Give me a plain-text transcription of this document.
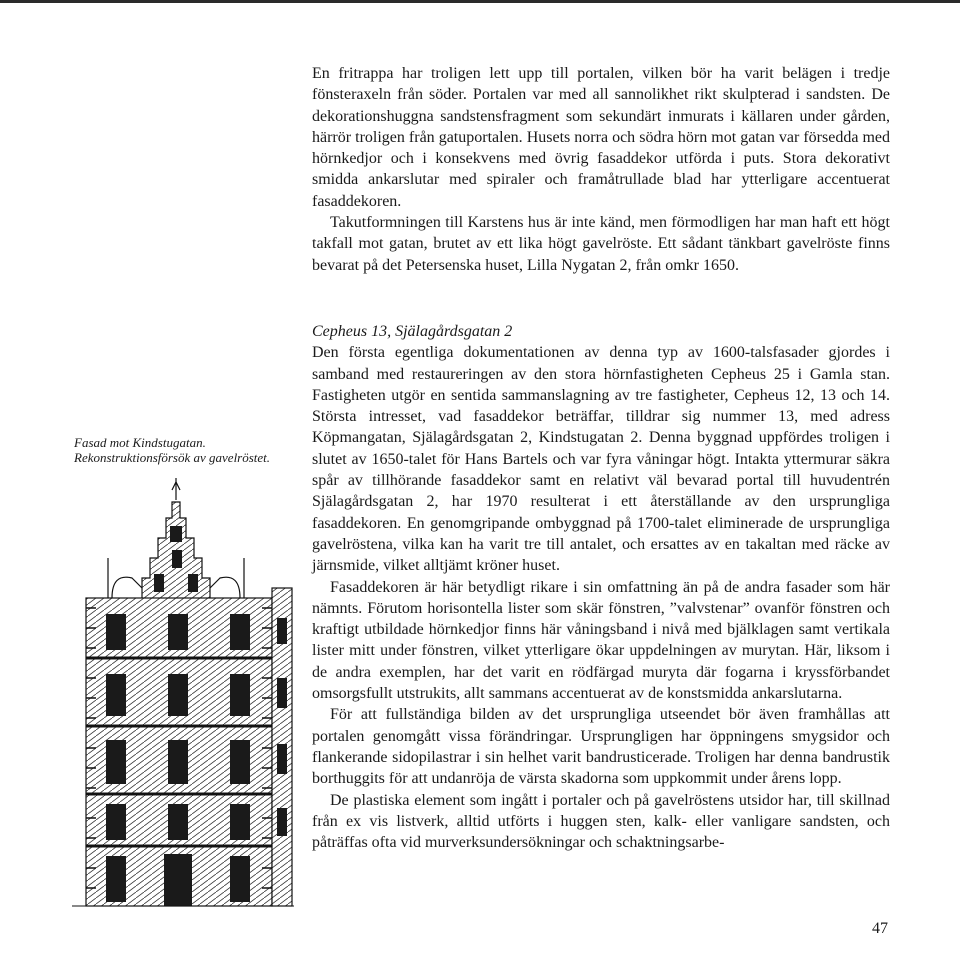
En fritrappa har troligen lett upp till portalen, vilken bör ha varit belägen i tredje fönsteraxeln från söder. Portalen var med all sannolikhet rikt skulpterad i sandsten. De dekorationshuggna sandstensfragment som sekundärt inmurats i källaren under gården, härrör troligen från gatuportalen. Husets norra och södra hörn mot gatan var försedda med hörnkedjor och i konsekvens med övrig fasaddekor utförda i puts. Stora dekorativt smidda ankarslutar med spiraler och framåtrullade blad har ytterligare accentuerat fasaddekoren.

Takutformningen till Karstens hus är inte känd, men förmodligen har man haft ett högt takfall mot gatan, brutet av ett lika högt gavelröste. Ett sådant tänkbart gavelröste finns bevarat på det Petersenska huset, Lilla Nygatan 2, från omkr 1650.

Cepheus 13, Själagårdsgatan 2

Den första egentliga dokumentationen av denna typ av 1600-talsfasader gjordes i samband med restaureringen av den stora hörnfastigheten Cepheus 25 i Gamla stan. Fastigheten utgör en sentida sammanslagning av tre fastigheter, Cepheus 12, 13 och 14. Största intresset, vad fasaddekor beträffar, tilldrar sig nummer 13, med adress Köpmangatan, Själagårdsgatan 2, Kindstugatan 2. Denna byggnad uppfördes troligen i slutet av 1650-talet för Hans Bartels och var fyra våningar högt. Intakta yttermurar säkra spår av tillhörande fasaddekor samt en relativt väl bevarad portal till huvudentrén Själagårdsgatan 2, har 1970 resulterat i ett återställande av den ursprungliga fasaddekoren. En genomgripande ombyggnad på 1700-talet eliminerade de ursprungliga gavelröstena, vilka kan ha varit tre till antalet, och ersattes av en takaltan med räcke av järnsmide, vilket alltjämt kröner huset.

Fasaddekoren är här betydligt rikare i sin omfattning än på de andra fasader som här nämnts. Förutom horisontella lister som skär fönstren, ”valvstenar” ovanför fönstren och kraftigt utbildade hörnkedjor finns här våningsband i nivå med bjälklagen samt vertikala lister mitt under fönstren, vilket ytterligare ökar uppdelningen av murytan. Här, liksom i de andra exemplen, har det varit en rödfärgad muryta där fogarna i kryssförbandet omsorgsfullt utstrukits, allt sammans accentuerat av de konstsmidda ankarslutarna.

För att fullständiga bilden av det ursprungliga utseendet bör även framhållas att portalen genomgått vissa förändringar. Ursprungligen har öppningens smygsidor och flankerande sidopilastrar i sin helhet varit bandrusticerade. Troligen har denna bandrustik borthuggits för att undanröja de värsta skadorna som uppkommit under årens lopp.

De plastiska element som ingått i portaler och på gavelröstens utsidor har, till skillnad från ex vis listverk, alltid utförts i huggen sten, kalk- eller vanligare sandsten, och påträffas ofta vid murverksundersökningar och schaktningsarbe-

Fasad mot Kindstugatan.
Rekonstruktionsförsök av gavelröstet.
47
